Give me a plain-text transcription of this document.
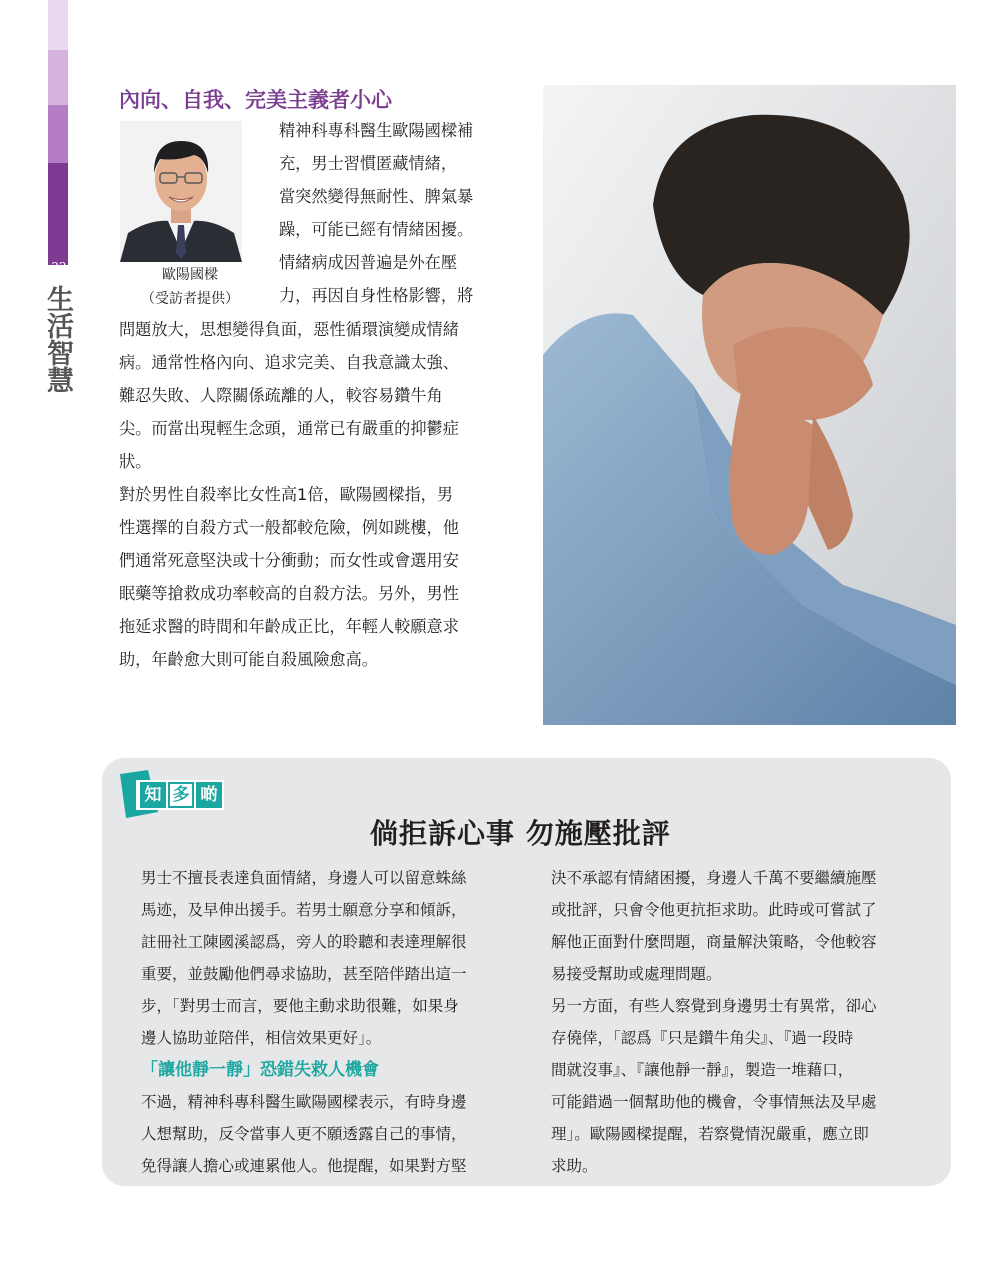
22
生活智慧
內向、自我、完美主義者小心
歐陽國樑
（受訪者提供）
精神科專科醫生歐陽國樑補
充，男士習慣匿藏情緒，
當突然變得無耐性、脾氣暴
躁，可能已經有情緒困擾。
情緒病成因普遍是外在壓
力，再因自身性格影響，將
問題放大，思想變得負面，惡性循環演變成情緒
病。通常性格內向、追求完美、自我意識太強、
難忍失敗、人際關係疏離的人，較容易鑽牛角
尖。而當出現輕生念頭，通常已有嚴重的抑鬱症
狀。
對於男性自殺率比女性高1倍，歐陽國樑指，男
性選擇的自殺方式一般都較危險，例如跳樓，他
們通常死意堅決或十分衝動；而女性或會選用安
眠藥等搶救成功率較高的自殺方法。另外，男性
拖延求醫的時間和年齡成正比，年輕人較願意求
助，年齡愈大則可能自殺風險愈高。
知 多 啲
倘拒訴心事 勿施壓批評
男士不擅長表達負面情緒，身邊人可以留意蛛絲
馬迹，及早伸出援手。若男士願意分享和傾訴，
註冊社工陳國溪認爲，旁人的聆聽和表達理解很
重要，並鼓勵他們尋求協助，甚至陪伴踏出這一
步，「對男士而言，要他主動求助很難，如果身
邊人協助並陪伴，相信效果更好」。
「讓他靜一靜」恐錯失救人機會
不過，精神科專科醫生歐陽國樑表示，有時身邊
人想幫助，反令當事人更不願透露自己的事情，
免得讓人擔心或連累他人。他提醒，如果對方堅
決不承認有情緒困擾，身邊人千萬不要繼續施壓
或批評，只會令他更抗拒求助。此時或可嘗試了
解他正面對什麼問題，商量解決策略，令他較容
易接受幫助或處理問題。
另一方面，有些人察覺到身邊男士有異常，卻心
存僥倖，「認爲『只是鑽牛角尖』、『過一段時
間就沒事』、『讓他靜一靜』，製造一堆藉口，
可能錯過一個幫助他的機會，令事情無法及早處
理」。歐陽國樑提醒，若察覺情況嚴重，應立即
求助。
